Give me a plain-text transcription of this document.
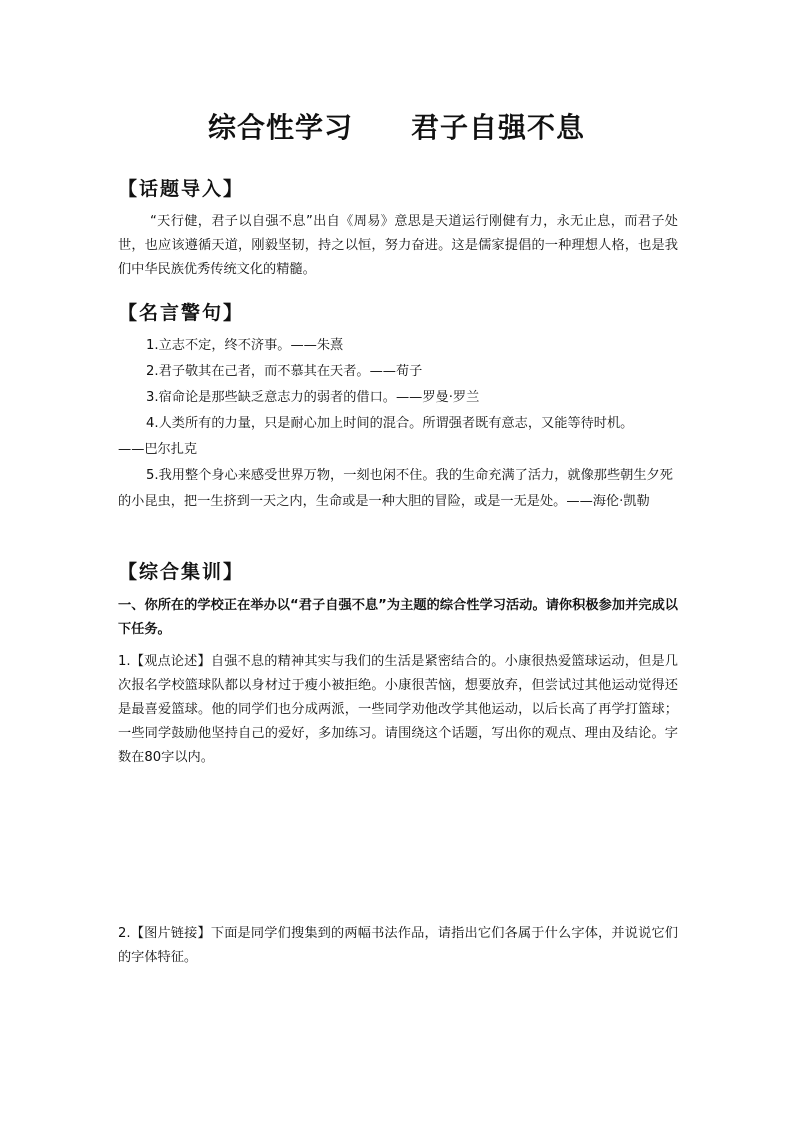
综合性学习 君子自强不息
【话题导入】

“天行健，君子以自强不息”出自《周易》意思是天道运行刚健有力，永无止息，而君子处世，也应该遵循天道，刚毅坚韧，持之以恒，努力奋进。这是儒家提倡的一种理想人格，也是我们中华民族优秀传统文化的精髓。

【名言警句】
1.立志不定，终不济事。——朱熹
2.君子敬其在己者，而不慕其在天者。——荀子
3.宿命论是那些缺乏意志力的弱者的借口。——罗曼·罗兰
4.人类所有的力量，只是耐心加上时间的混合。所谓强者既有意志，又能等待时机。——巴尔扎克
5.我用整个身心来感受世界万物，一刻也闲不住。我的生命充满了活力，就像那些朝生夕死的小昆虫，把一生挤到一天之内，生命或是一种大胆的冒险，或是一无是处。——海伦·凯勒
【综合集训】

一、你所在的学校正在举办以“君子自强不息”为主题的综合性学习活动。请你积极参加并完成以下任务。

1.【观点论述】自强不息的精神其实与我们的生活是紧密结合的。小康很热爱篮球运动，但是几次报名学校篮球队都以身材过于瘦小被拒绝。小康很苦恼，想要放弃，但尝试过其他运动觉得还是最喜爱篮球。他的同学们也分成两派，一些同学劝他改学其他运动，以后长高了再学打篮球；一些同学鼓励他坚持自己的爱好，多加练习。请围绕这个话题，写出你的观点、理由及结论。字数在80字以内。

2.【图片链接】下面是同学们搜集到的两幅书法作品，请指出它们各属于什么字体，并说说它们的字体特征。
